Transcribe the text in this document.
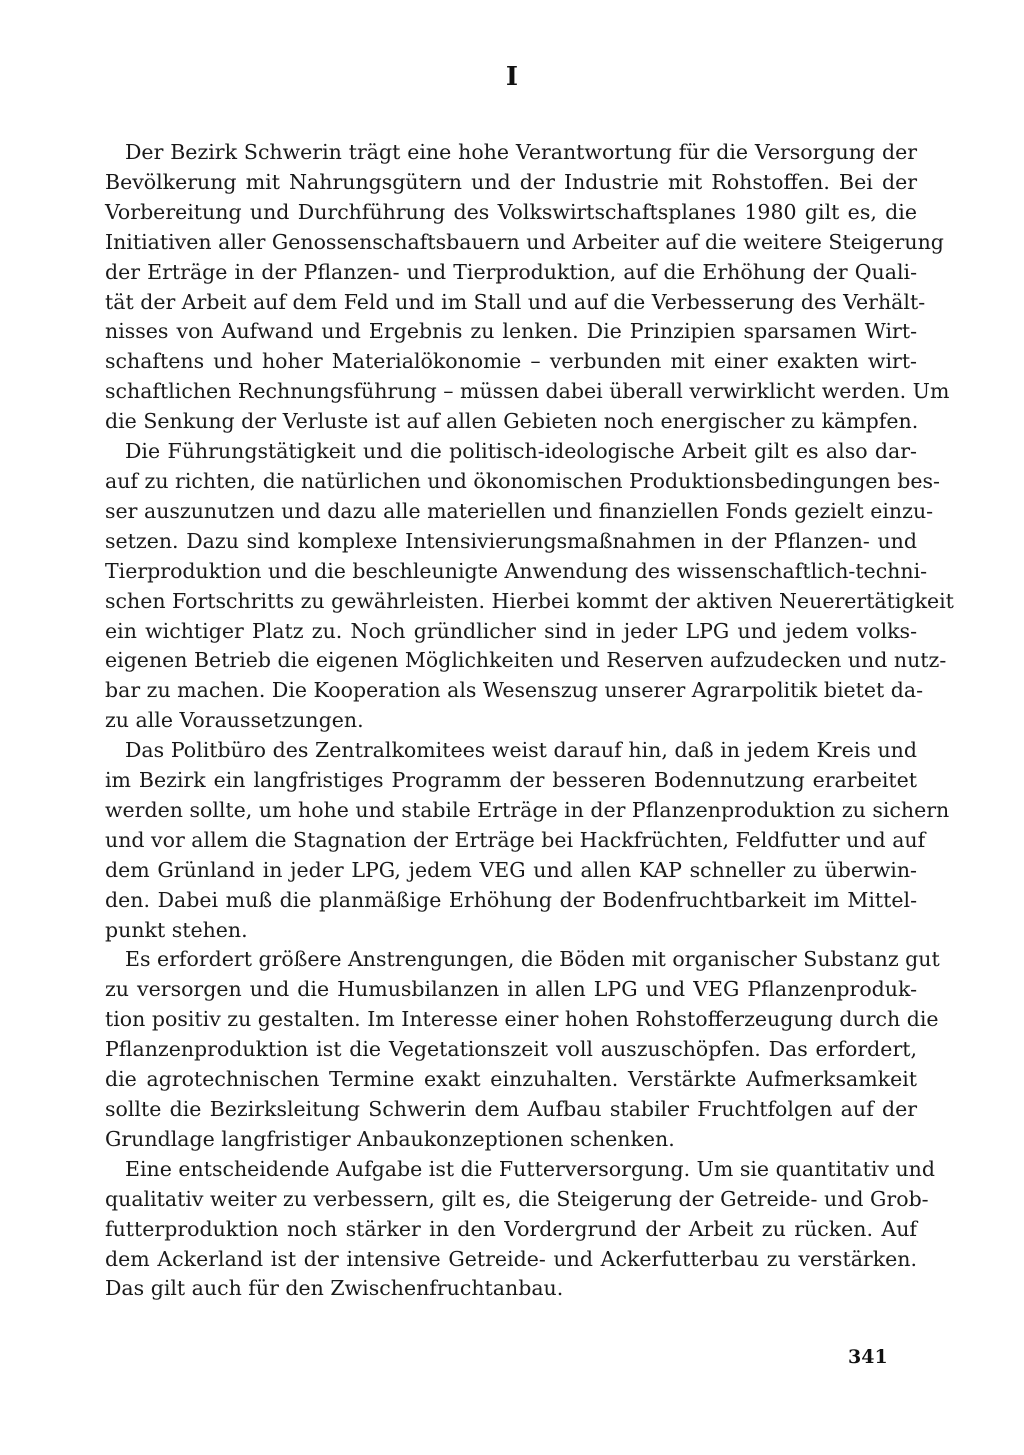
I
Der Bezirk Schwerin trägt eine hohe Verantwortung für die Versorgung der
Bevölkerung mit Nahrungsgütern und der Industrie mit Rohstoffen. Bei der
Vorbereitung und Durchführung des Volkswirtschaftsplanes 1980 gilt es, die
Initiativen aller Genossenschaftsbauern und Arbeiter auf die weitere Steigerung
der Erträge in der Pflanzen- und Tierproduktion, auf die Erhöhung der Quali-
tät der Arbeit auf dem Feld und im Stall und auf die Verbesserung des Verhält-
nisses von Aufwand und Ergebnis zu lenken. Die Prinzipien sparsamen Wirt-
schaftens und hoher Materialökonomie – verbunden mit einer exakten wirt-
schaftlichen Rechnungsführung – müssen dabei überall verwirklicht werden. Um
die Senkung der Verluste ist auf allen Gebieten noch energischer zu kämpfen.
Die Führungstätigkeit und die politisch-ideologische Arbeit gilt es also dar-
auf zu richten, die natürlichen und ökonomischen Produktionsbedingungen bes-
ser auszunutzen und dazu alle materiellen und finanziellen Fonds gezielt einzu-
setzen. Dazu sind komplexe Intensivierungsmaßnahmen in der Pflanzen- und
Tierproduktion und die beschleunigte Anwendung des wissenschaftlich-techni-
schen Fortschritts zu gewährleisten. Hierbei kommt der aktiven Neuerertätigkeit
ein wichtiger Platz zu. Noch gründlicher sind in jeder LPG und jedem volks-
eigenen Betrieb die eigenen Möglichkeiten und Reserven aufzudecken und nutz-
bar zu machen. Die Kooperation als Wesenszug unserer Agrarpolitik bietet da-
zu alle Voraussetzungen.
Das Politbüro des Zentralkomitees weist darauf hin, daß in jedem Kreis und
im Bezirk ein langfristiges Programm der besseren Bodennutzung erarbeitet
werden sollte, um hohe und stabile Erträge in der Pflanzenproduktion zu sichern
und vor allem die Stagnation der Erträge bei Hackfrüchten, Feldfutter und auf
dem Grünland in jeder LPG, jedem VEG und allen KAP schneller zu überwin-
den. Dabei muß die planmäßige Erhöhung der Bodenfruchtbarkeit im Mittel-
punkt stehen.
Es erfordert größere Anstrengungen, die Böden mit organischer Substanz gut
zu versorgen und die Humusbilanzen in allen LPG und VEG Pflanzenproduk-
tion positiv zu gestalten. Im Interesse einer hohen Rohstofferzeugung durch die
Pflanzenproduktion ist die Vegetationszeit voll auszuschöpfen. Das erfordert,
die agrotechnischen Termine exakt einzuhalten. Verstärkte Aufmerksamkeit
sollte die Bezirksleitung Schwerin dem Aufbau stabiler Fruchtfolgen auf der
Grundlage langfristiger Anbaukonzeptionen schenken.
Eine entscheidende Aufgabe ist die Futterversorgung. Um sie quantitativ und
qualitativ weiter zu verbessern, gilt es, die Steigerung der Getreide- und Grob-
futterproduktion noch stärker in den Vordergrund der Arbeit zu rücken. Auf
dem Ackerland ist der intensive Getreide- und Ackerfutterbau zu verstärken.
Das gilt auch für den Zwischenfruchtanbau.
341
